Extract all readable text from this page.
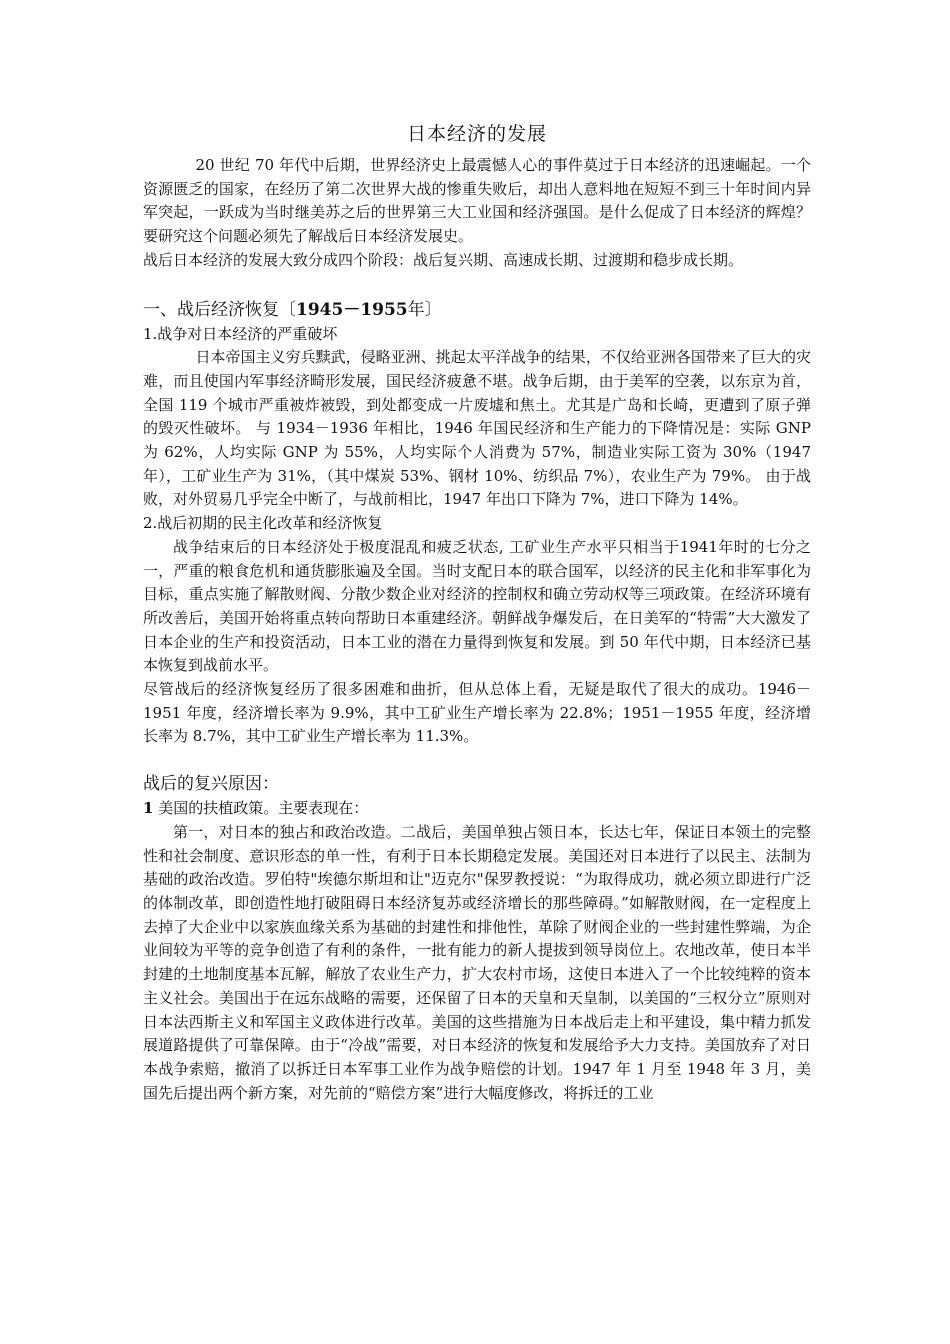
日本经济的发展

20 世纪 70 年代中后期，世界经济史上最震憾人心的事件莫过于日本经济的迅速崛起。一个资源匮乏的国家，在经历了第二次世界大战的惨重失败后，却出人意料地在短短不到三十年时间内异军突起，一跃成为当时继美苏之后的世界第三大工业国和经济强国。是什么促成了日本经济的辉煌？要研究这个问题必须先了解战后日本经济发展史。

战后日本经济的发展大致分成四个阶段：战后复兴期、高速成长期、过渡期和稳步成长期。

一、战后经济恢复〔1945－1955年〕
1.战争对日本经济的严重破坏

日本帝国主义穷兵黩武，侵略亚洲、挑起太平洋战争的结果，不仅给亚洲各国带来了巨大的灾难，而且使国内军事经济畸形发展，国民经济疲惫不堪。战争后期，由于美军的空袭，以东京为首，全国 119 个城市严重被炸被毁，到处都变成一片废墟和焦土。尤其是广岛和长崎，更遭到了原子弹的毁灭性破坏。 与 1934－1936 年相比，1946 年国民经济和生产能力的下降情况是：实际 GNP 为 62%，人均实际 GNP 为 55%，人均实际个人消费为 57%，制造业实际工资为 30%（1947 年），工矿业生产为 31%，（其中煤炭 53%、钢材 10%、纺织品 7%），农业生产为 79%。 由于战败，对外贸易几乎完全中断了，与战前相比，1947 年出口下降为 7%，进口下降为 14%。

2.战后初期的民主化改革和经济恢复

战争结束后的日本经济处于极度混乱和疲乏状态, 工矿业生产水平只相当于1941年时的七分之一，严重的粮食危机和通货膨胀遍及全国。当时支配日本的联合国军，以经济的民主化和非军事化为目标，重点实施了解散财阀、分散少数企业对经济的控制权和确立劳动权等三项政策。在经济环境有所改善后，美国开始将重点转向帮助日本重建经济。朝鲜战争爆发后，在日美军的“特需”大大激发了日本企业的生产和投资活动，日本工业的潜在力量得到恢复和发展。到 50 年代中期，日本经济已基本恢复到战前水平。

尽管战后的经济恢复经历了很多困难和曲折，但从总体上看，无疑是取代了很大的成功。1946－1951 年度，经济增长率为 9.9%，其中工矿业生产增长率为 22.8%；1951－1955 年度，经济增长率为 8.7%，其中工矿业生产增长率为 11.3%。

战后的复兴原因：
1 美国的扶植政策。主要表现在：

第一，对日本的独占和政治改造。二战后，美国单独占领日本，长达七年，保证日本领土的完整性和社会制度、意识形态的单一性，有利于日本长期稳定发展。美国还对日本进行了以民主、法制为基础的政治改造。罗伯特"埃德尔斯坦和让"迈克尔"保罗教授说：“为取得成功，就必须立即进行广泛的体制改革，即创造性地打破阻碍日本经济复苏或经济增长的那些障碍。”如解散财阀，在一定程度上去掉了大企业中以家族血缘关系为基础的封建性和排他性，革除了财阀企业的一些封建性弊端，为企业间较为平等的竞争创造了有利的条件，一批有能力的新人提拔到领导岗位上。农地改革，使日本半封建的土地制度基本瓦解，解放了农业生产力，扩大农村市场，这使日本进入了一个比较纯粹的资本主义社会。美国出于在远东战略的需要，还保留了日本的天皇和天皇制，以美国的“三权分立”原则对日本法西斯主义和军国主义政体进行改革。美国的这些措施为日本战后走上和平建设，集中精力抓发展道路提供了可靠保障。由于“冷战”需要，对日本经济的恢复和发展给予大力支持。美国放弃了对日本战争索赔，撤消了以拆迁日本军事工业作为战争赔偿的计划。1947 年 1 月至 1948 年 3 月，美国先后提出两个新方案，对先前的“赔偿方案”进行大幅度修改，将拆迁的工业
